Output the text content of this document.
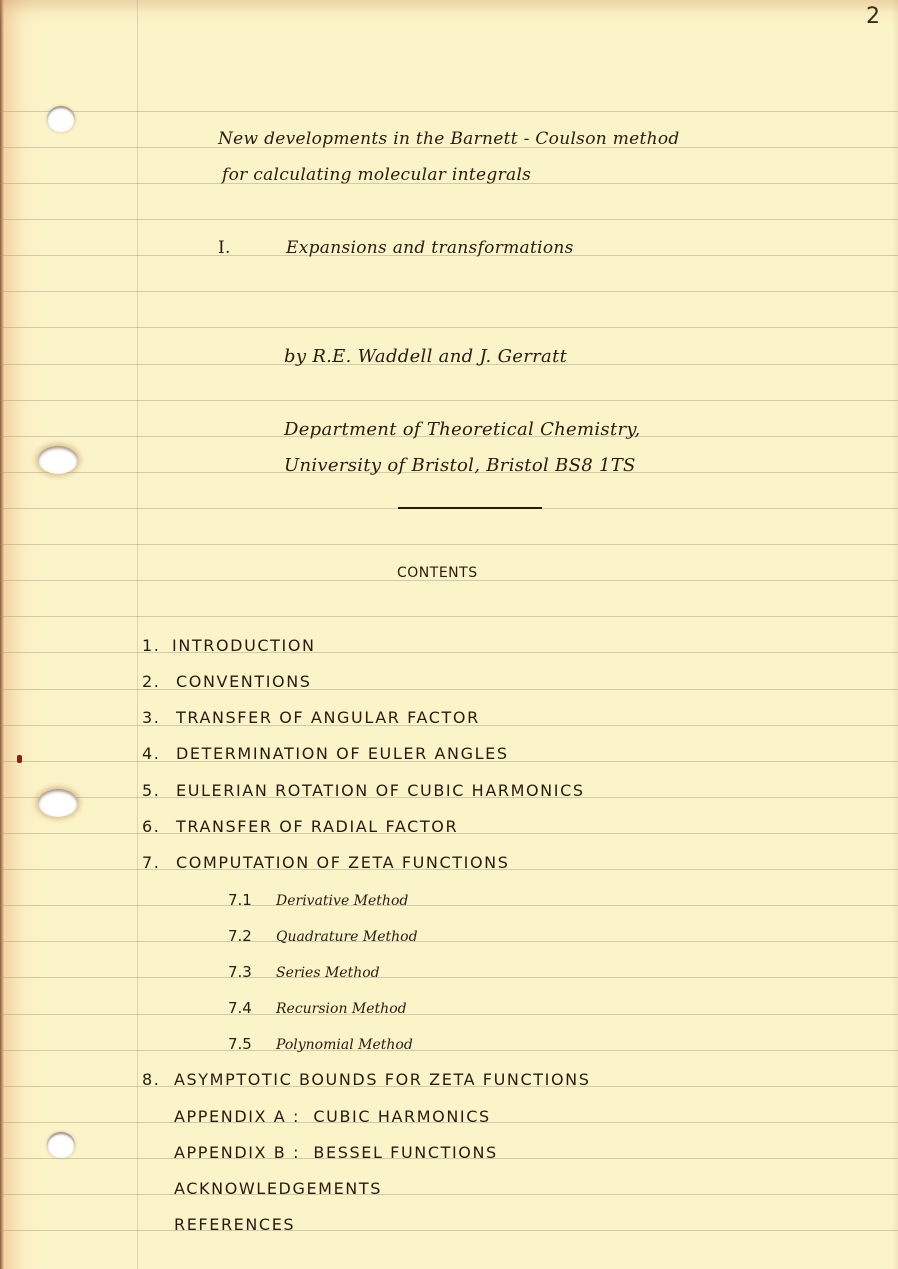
2
New developments in the Barnett - Coulson method
for calculating molecular integrals
I.	Expansions and transformations
by R.E. Waddell and J. Gerratt
Department of Theoretical Chemistry,
University of Bristol, Bristol BS8 1TS
CONTENTS
1. INTRODUCTION
2. CONVENTIONS
3. TRANSFER OF ANGULAR FACTOR
4. DETERMINATION OF EULER ANGLES
5. EULERIAN ROTATION OF CUBIC HARMONICS
6. TRANSFER OF RADIAL FACTOR
7. COMPUTATION OF ZETA FUNCTIONS
7.1 Derivative Method
7.2 Quadrature Method
7.3 Series Method
7.4 Recursion Method
7.5 Polynomial Method
8. ASYMPTOTIC BOUNDS FOR ZETA FUNCTIONS
APPENDIX A :  CUBIC HARMONICS
APPENDIX B :  BESSEL FUNCTIONS
ACKNOWLEDGEMENTS
REFERENCES
